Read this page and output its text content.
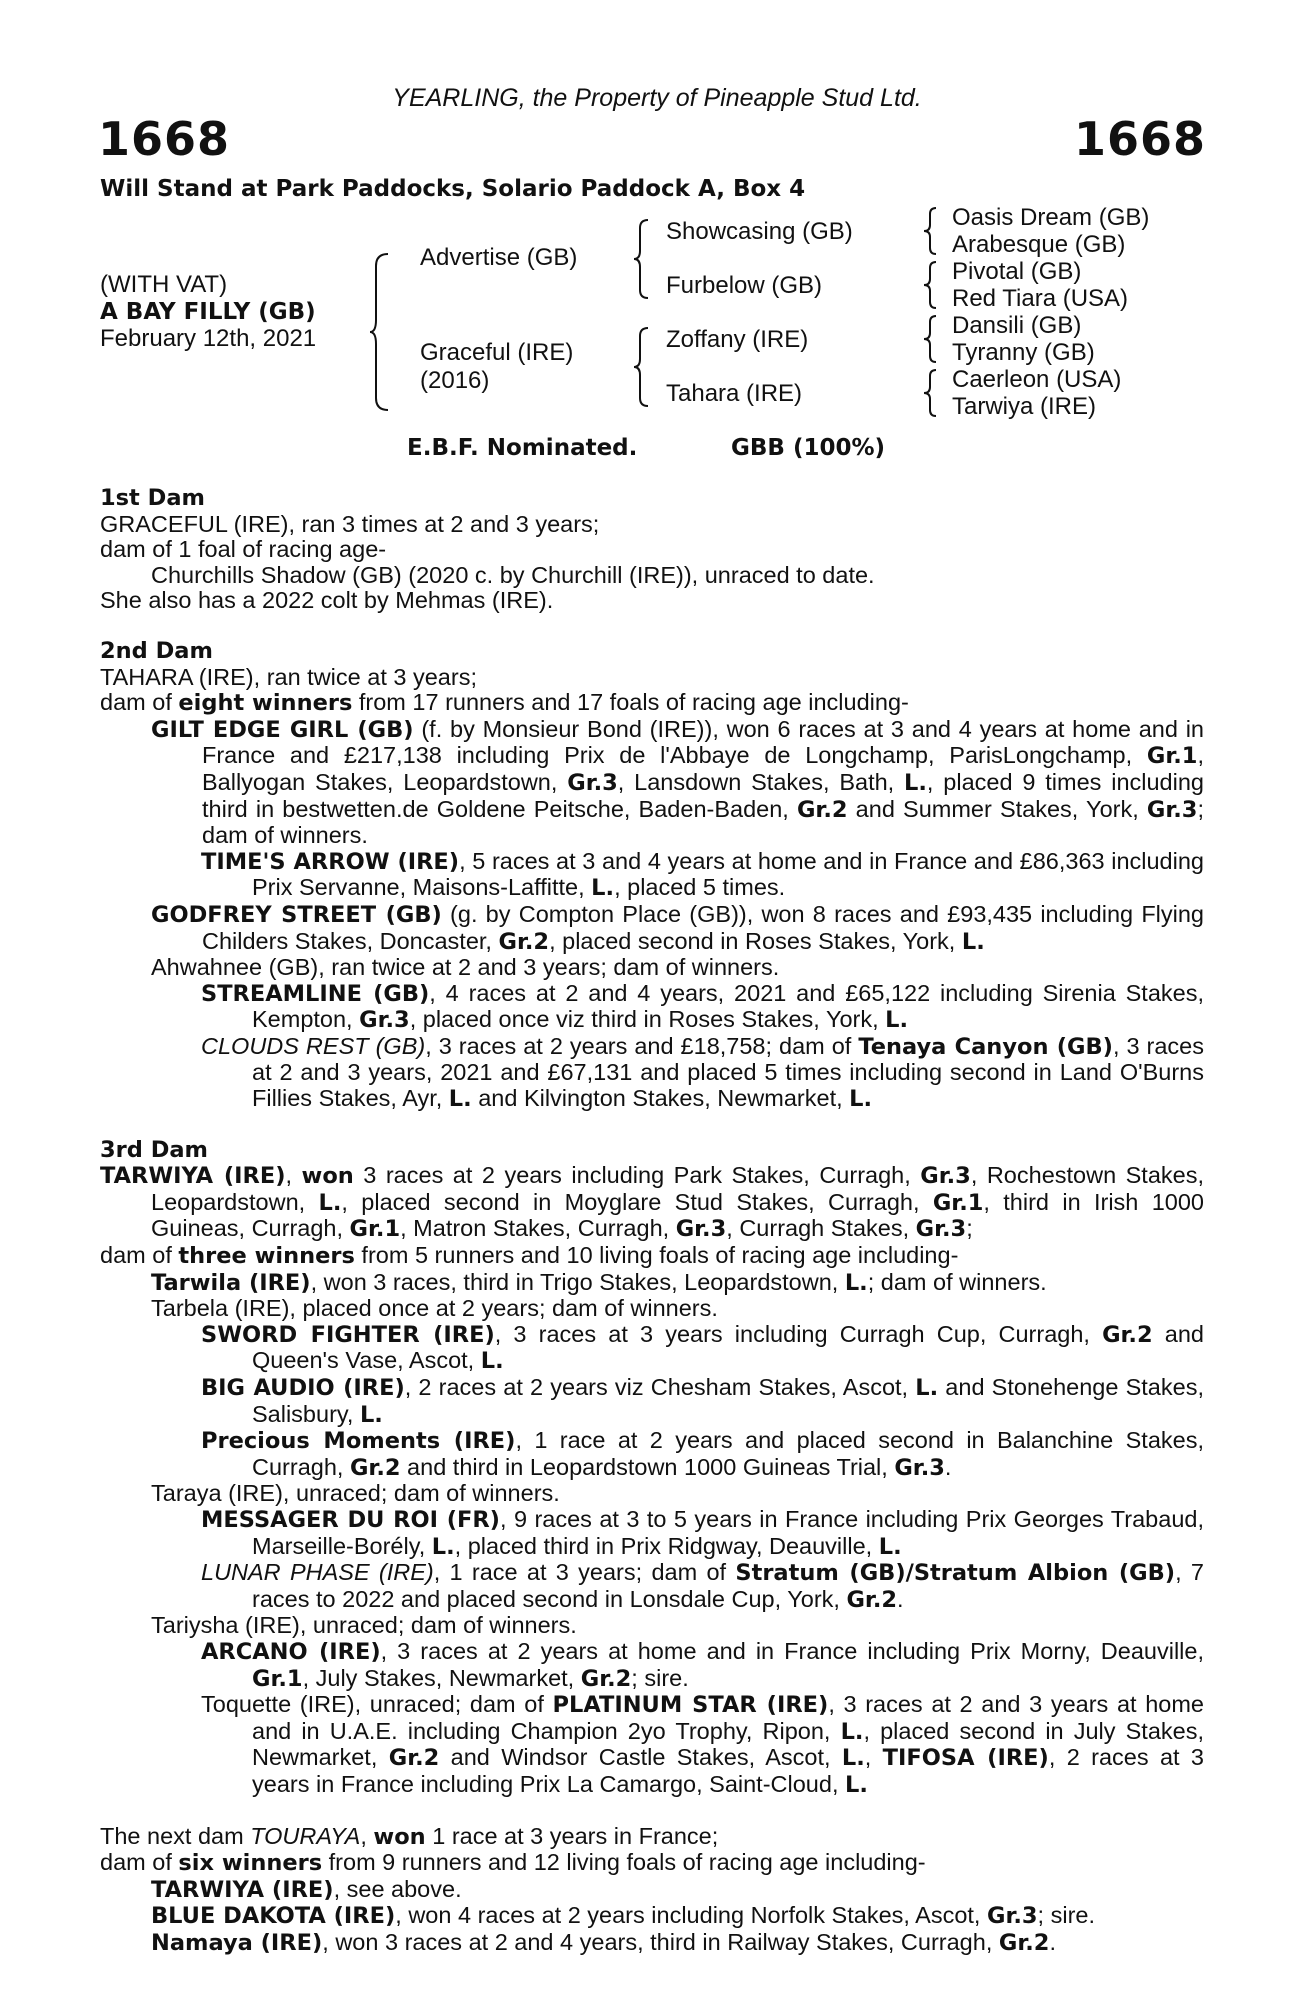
YEARLING, the Property of Pineapple Stud Ltd.
1668	1668
Will Stand at Park Paddocks, Solario Paddock A, Box 4
(WITH VAT)
A BAY FILLY (GB)
February 12th, 2021
Advertise (GB)
Graceful (IRE)
(2016)
Showcasing (GB)
Furbelow (GB)
Zoffany (IRE)
Tahara (IRE)
Oasis Dream (GB)
Arabesque (GB)
Pivotal (GB)
Red Tiara (USA)
Dansili (GB)
Tyranny (GB)
Caerleon (USA)
Tarwiya (IRE)
E.B.F. Nominated.	GBB (100%)
1st Dam
GRACEFUL (IRE), ran 3 times at 2 and 3 years;
dam of 1 foal of racing age-
Churchills Shadow (GB) (2020 c. by Churchill (IRE)), unraced to date.
She also has a 2022 colt by Mehmas (IRE).
2nd Dam
TAHARA (IRE), ran twice at 3 years;
dam of eight winners from 17 runners and 17 foals of racing age including-
GILT EDGE GIRL (GB) (f. by Monsieur Bond (IRE)), won 6 races at 3 and 4 years at home and in France and £217,138 including Prix de l'Abbaye de Longchamp, ParisLongchamp, Gr.1, Ballyogan Stakes, Leopardstown, Gr.3, Lansdown Stakes, Bath, L., placed 9 times including third in bestwetten.de Goldene Peitsche, Baden-Baden, Gr.2 and Summer Stakes, York, Gr.3; dam of winners.
TIME'S ARROW (IRE), 5 races at 3 and 4 years at home and in France and £86,363 including Prix Servanne, Maisons-Laffitte, L., placed 5 times.
GODFREY STREET (GB) (g. by Compton Place (GB)), won 8 races and £93,435 including Flying Childers Stakes, Doncaster, Gr.2, placed second in Roses Stakes, York, L.
Ahwahnee (GB), ran twice at 2 and 3 years; dam of winners.
STREAMLINE (GB), 4 races at 2 and 4 years, 2021 and £65,122 including Sirenia Stakes, Kempton, Gr.3, placed once viz third in Roses Stakes, York, L.
CLOUDS REST (GB), 3 races at 2 years and £18,758; dam of Tenaya Canyon (GB), 3 races at 2 and 3 years, 2021 and £67,131 and placed 5 times including second in Land O'Burns Fillies Stakes, Ayr, L. and Kilvington Stakes, Newmarket, L.
3rd Dam
TARWIYA (IRE), won 3 races at 2 years including Park Stakes, Curragh, Gr.3, Rochestown Stakes, Leopardstown, L., placed second in Moyglare Stud Stakes, Curragh, Gr.1, third in Irish 1000 Guineas, Curragh, Gr.1, Matron Stakes, Curragh, Gr.3, Curragh Stakes, Gr.3;
dam of three winners from 5 runners and 10 living foals of racing age including-
Tarwila (IRE), won 3 races, third in Trigo Stakes, Leopardstown, L.; dam of winners.
Tarbela (IRE), placed once at 2 years; dam of winners.
SWORD FIGHTER (IRE), 3 races at 3 years including Curragh Cup, Curragh, Gr.2 and Queen's Vase, Ascot, L.
BIG AUDIO (IRE), 2 races at 2 years viz Chesham Stakes, Ascot, L. and Stonehenge Stakes, Salisbury, L.
Precious Moments (IRE), 1 race at 2 years and placed second in Balanchine Stakes, Curragh, Gr.2 and third in Leopardstown 1000 Guineas Trial, Gr.3.
Taraya (IRE), unraced; dam of winners.
MESSAGER DU ROI (FR), 9 races at 3 to 5 years in France including Prix Georges Trabaud, Marseille-Borély, L., placed third in Prix Ridgway, Deauville, L.
LUNAR PHASE (IRE), 1 race at 3 years; dam of Stratum (GB)/Stratum Albion (GB), 7 races to 2022 and placed second in Lonsdale Cup, York, Gr.2.
Tariysha (IRE), unraced; dam of winners.
ARCANO (IRE), 3 races at 2 years at home and in France including Prix Morny, Deauville, Gr.1, July Stakes, Newmarket, Gr.2; sire.
Toquette (IRE), unraced; dam of PLATINUM STAR (IRE), 3 races at 2 and 3 years at home and in U.A.E. including Champion 2yo Trophy, Ripon, L., placed second in July Stakes, Newmarket, Gr.2 and Windsor Castle Stakes, Ascot, L., TIFOSA (IRE), 2 races at 3 years in France including Prix La Camargo, Saint-Cloud, L.
The next dam TOURAYA, won 1 race at 3 years in France;
dam of six winners from 9 runners and 12 living foals of racing age including-
TARWIYA (IRE), see above.
BLUE DAKOTA (IRE), won 4 races at 2 years including Norfolk Stakes, Ascot, Gr.3; sire.
Namaya (IRE), won 3 races at 2 and 4 years, third in Railway Stakes, Curragh, Gr.2.
